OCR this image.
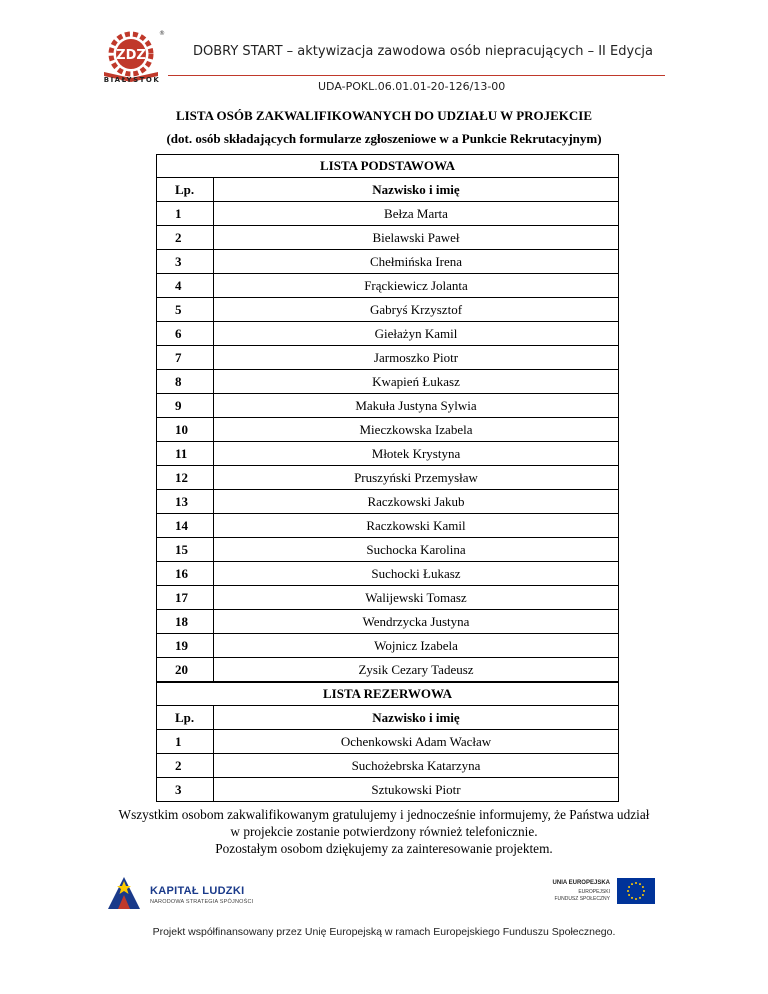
ZDZ
®
BIAŁYSTOK
DOBRY START – aktywizacja zawodowa osób niepracujących – II Edycja
UDA-POKL.06.01.01-20-126/13-00
LISTA OSÓB ZAKWALIFIKOWANYCH DO UDZIAŁU W PROJEKCIE
(dot. osób składających formularze zgłoszeniowe w a Punkcie Rekrutacyjnym)
LISTA PODSTAWOWA	
Lp.	Nazwisko i imię
1	Bełza Marta
2	Bielawski Paweł
3	Chełmińska Irena
4	Frąckiewicz Jolanta
5	Gabryś Krzysztof
6	Giełażyn Kamil
7	Jarmoszko Piotr
8	Kwapień Łukasz
9	Makuła Justyna Sylwia
10	Mieczkowska Izabela
11	Młotek Krystyna
12	Pruszyński Przemysław
13	Raczkowski Jakub
14	Raczkowski Kamil
15	Suchocka Karolina
16	Suchocki Łukasz
17	Walijewski Tomasz
18	Wendrzycka Justyna
19	Wojnicz Izabela
20	Zysik Cezary Tadeusz
LISTA REZERWOWA	
Lp.	Nazwisko i imię
1	Ochenkowski Adam Wacław
2	Suchożebrska Katarzyna
3	Sztukowski Piotr
Wszystkim osobom zakwalifikowanym gratulujemy i jednocześnie informujemy, że Państwa udział
w projekcie zostanie potwierdzony również telefonicznie.
Pozostałym osobom dziękujemy za zainteresowanie projektem.
KAPITAŁ LUDZKI
NARODOWA STRATEGIA SPÓJNOŚCI
UNIA EUROPEJSKA
EUROPEJSKI
FUNDUSZ SPOŁECZNY
Projekt współfinansowany przez Unię Europejską w ramach Europejskiego Funduszu Społecznego.
